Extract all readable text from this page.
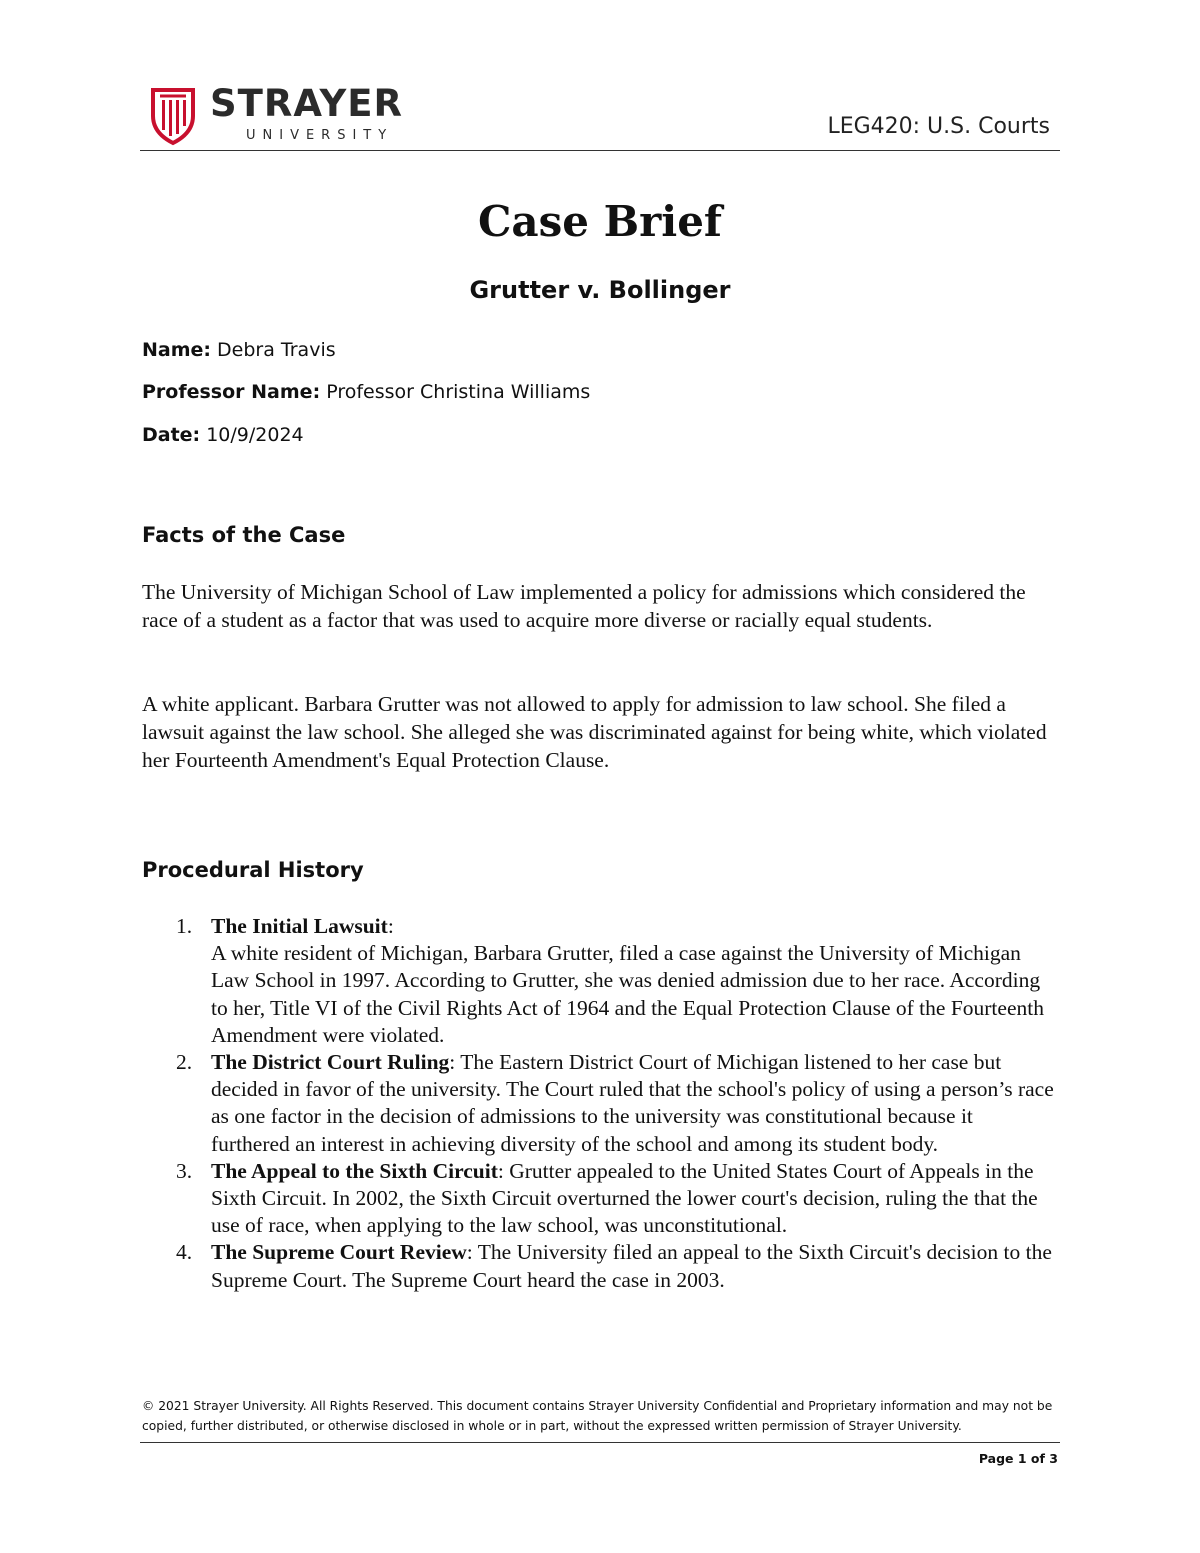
STRAYER
UNIVERSITY	LEG420: U.S. Courts
Case Brief
Grutter v. Bollinger
Name: Debra Travis
Professor Name: Professor Christina Williams
Date: 10/9/2024
Facts of the Case
The University of Michigan School of Law implemented a policy for admissions which considered the race of a student as a factor that was used to acquire more diverse or racially equal students.
A white applicant. Barbara Grutter was not allowed to apply for admission to law school. She filed a lawsuit against the law school. She alleged she was discriminated against for being white, which violated her Fourteenth Amendment's Equal Protection Clause.
Procedural History
1. The Initial Lawsuit:
A white resident of Michigan, Barbara Grutter, filed a case against the University of Michigan Law School in 1997. According to Grutter, she was denied admission due to her race. According to her, Title VI of the Civil Rights Act of 1964 and the Equal Protection Clause of the Fourteenth Amendment were violated.
2. The District Court Ruling: The Eastern District Court of Michigan listened to her case but decided in favor of the university. The Court ruled that the school's policy of using a person’s race as one factor in the decision of admissions to the university was constitutional because it furthered an interest in achieving diversity of the school and among its student body.
3. The Appeal to the Sixth Circuit: Grutter appealed to the United States Court of Appeals in the Sixth Circuit. In 2002, the Sixth Circuit overturned the lower court's decision, ruling the that the use of race, when applying to the law school, was unconstitutional.
4. The Supreme Court Review: The University filed an appeal to the Sixth Circuit's decision to the Supreme Court. The Supreme Court heard the case in 2003.
© 2021 Strayer University. All Rights Reserved. This document contains Strayer University Confidential and Proprietary information and may not be copied, further distributed, or otherwise disclosed in whole or in part, without the expressed written permission of Strayer University.
Page 1 of 3
